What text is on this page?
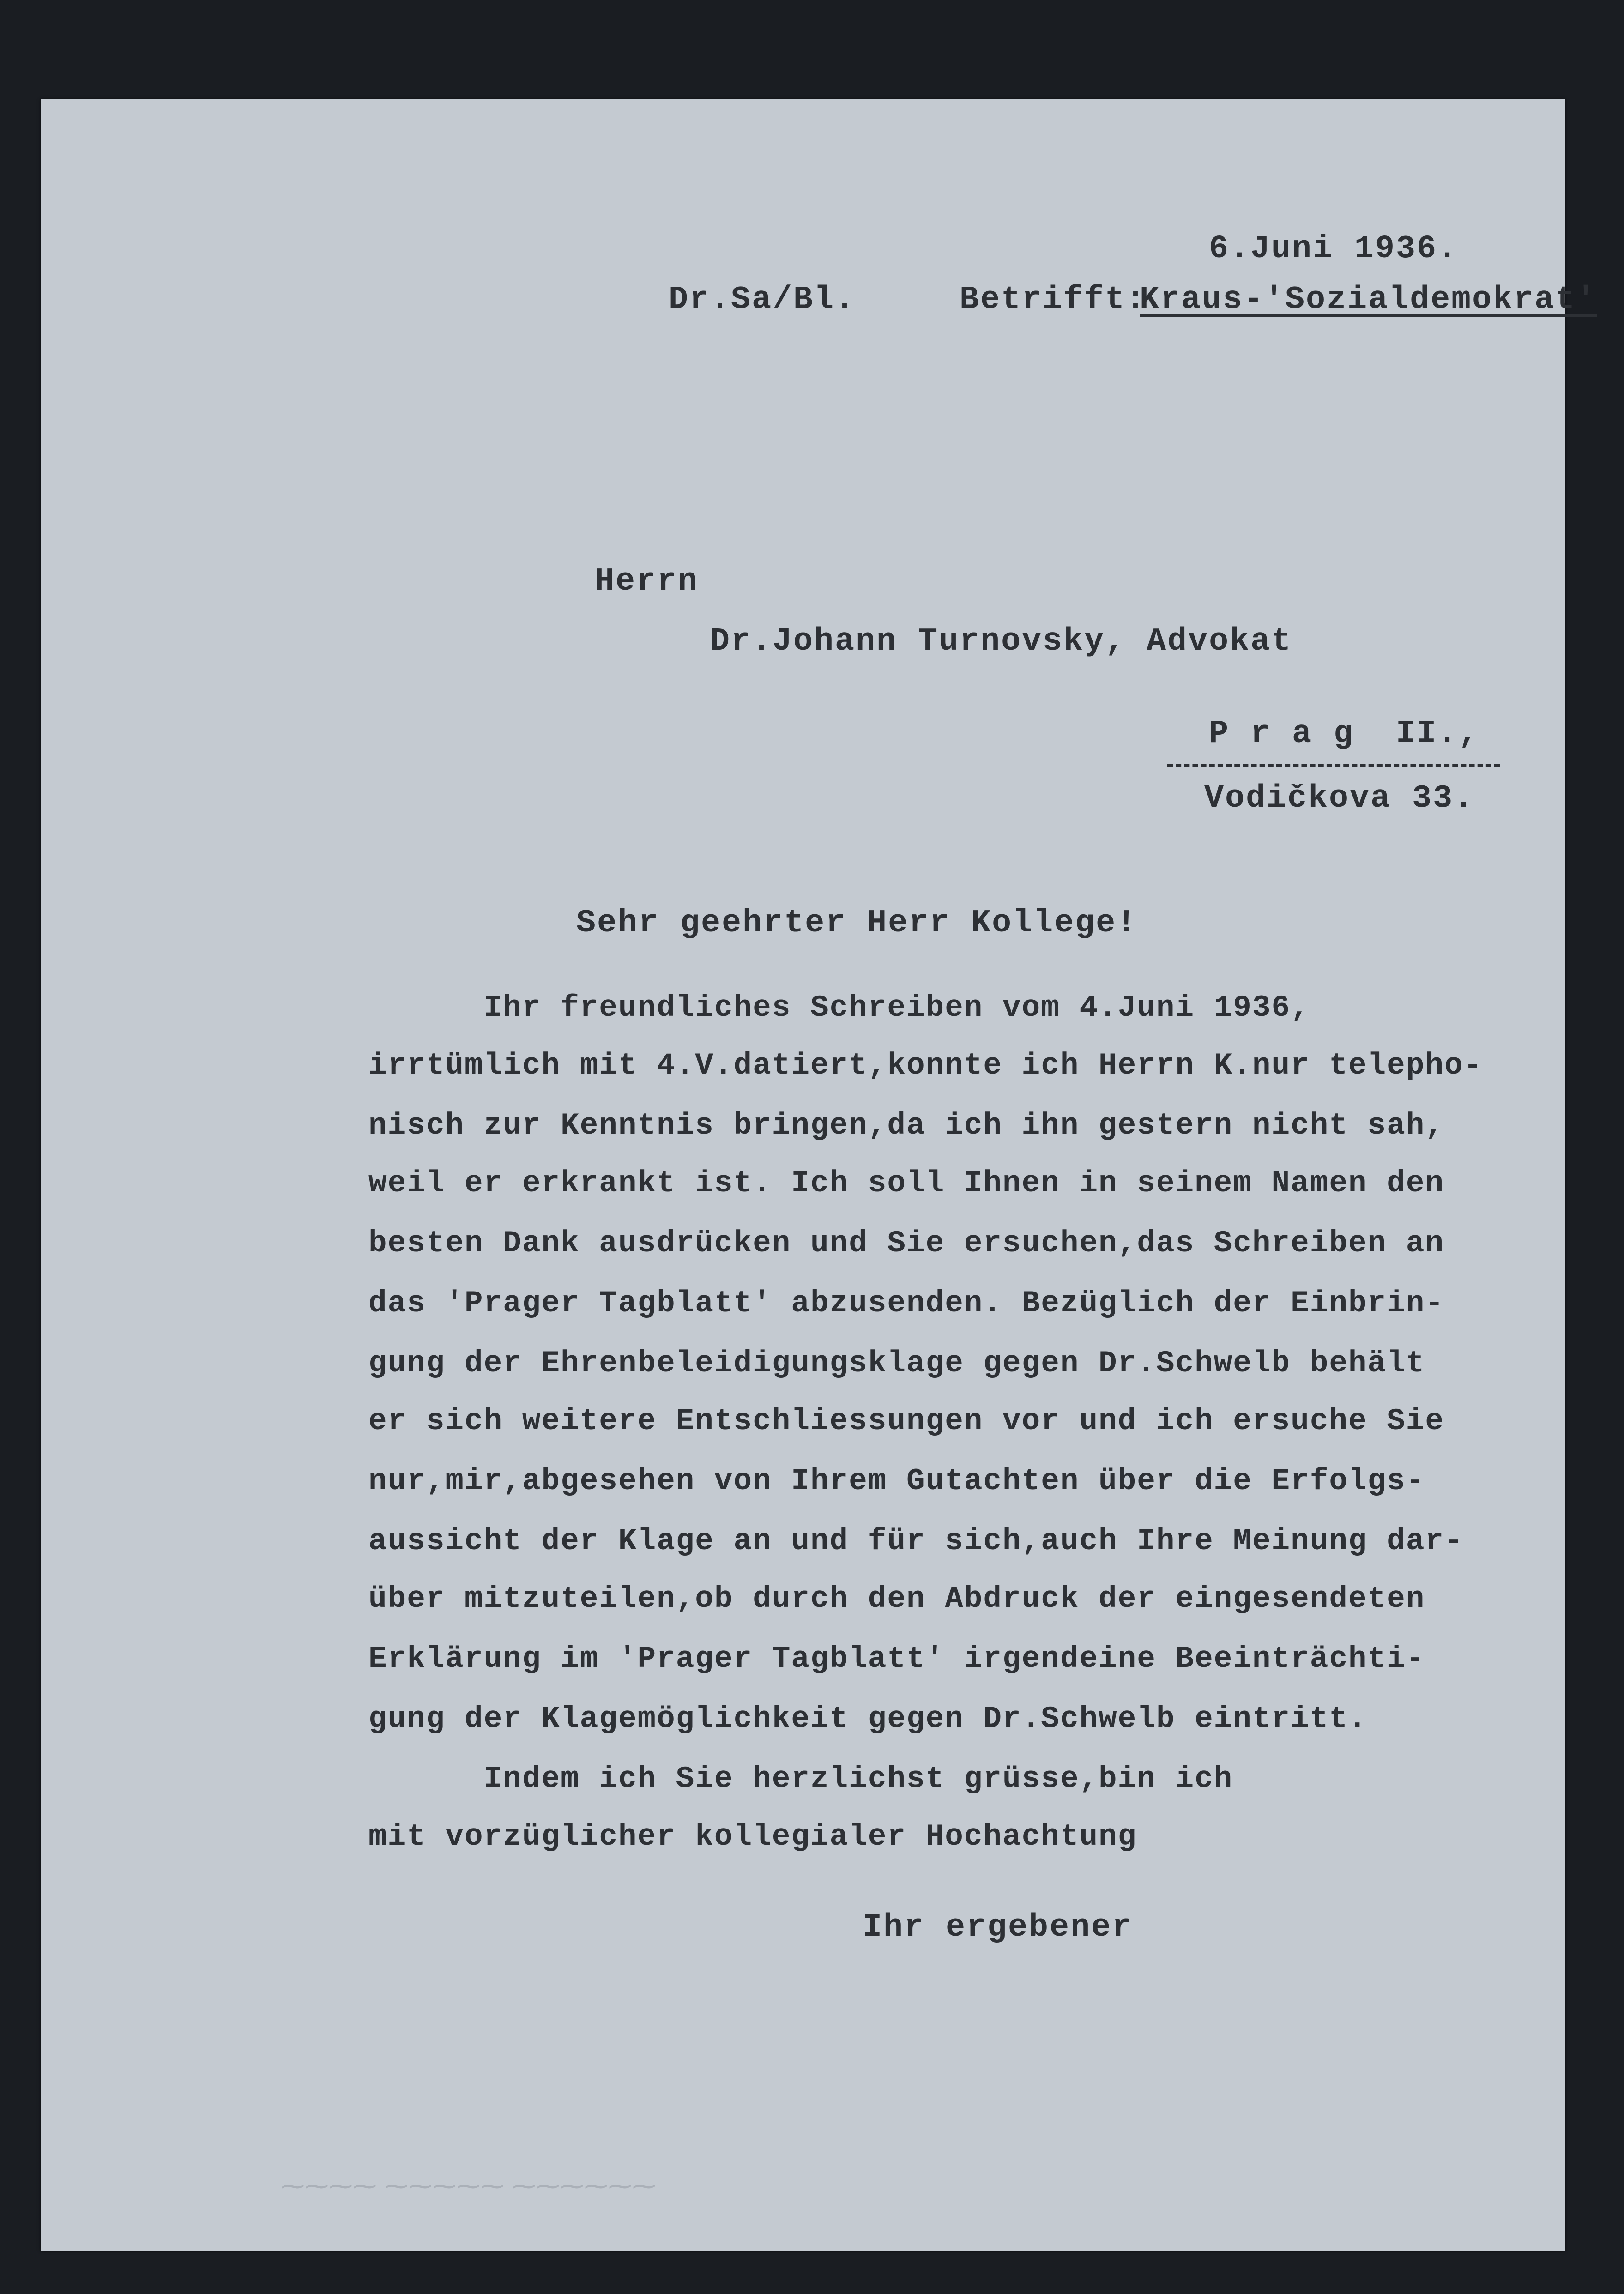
6.Juni 1936.
Dr.Sa/Bl.	Betrifft:
Kraus-'Sozialdemokrat'
Herrn
Dr.Johann Turnovsky, Advokat
P r a g  II.,
Vodičkova 33.
Sehr geehrter Herr Kollege!
Ihr freundliches Schreiben vom 4.Juni 1936,
irrtümlich mit 4.V.datiert,konnte ich Herrn K.nur telepho-
nisch zur Kenntnis bringen,da ich ihn gestern nicht sah,
weil er erkrankt ist. Ich soll Ihnen in seinem Namen den
besten Dank ausdrücken und Sie ersuchen,das Schreiben an
das 'Prager Tagblatt' abzusenden. Bezüglich der Einbrin-
gung der Ehrenbeleidigungsklage gegen Dr.Schwelb behält
er sich weitere Entschliessungen vor und ich ersuche Sie
nur,mir,abgesehen von Ihrem Gutachten über die Erfolgs-
aussicht der Klage an und für sich,auch Ihre Meinung dar-
über mitzuteilen,ob durch den Abdruck der eingesendeten
Erklärung im 'Prager Tagblatt' irgendeine Beeinträchti-
gung der Klagemöglichkeit gegen Dr.Schwelb eintritt.
Indem ich Sie herzlichst grüsse,bin ich
mit vorzüglicher kollegialer Hochachtung
Ihr ergebener
⁓⁓⁓⁓ ⁓⁓⁓⁓⁓ ⁓⁓⁓⁓⁓⁓
